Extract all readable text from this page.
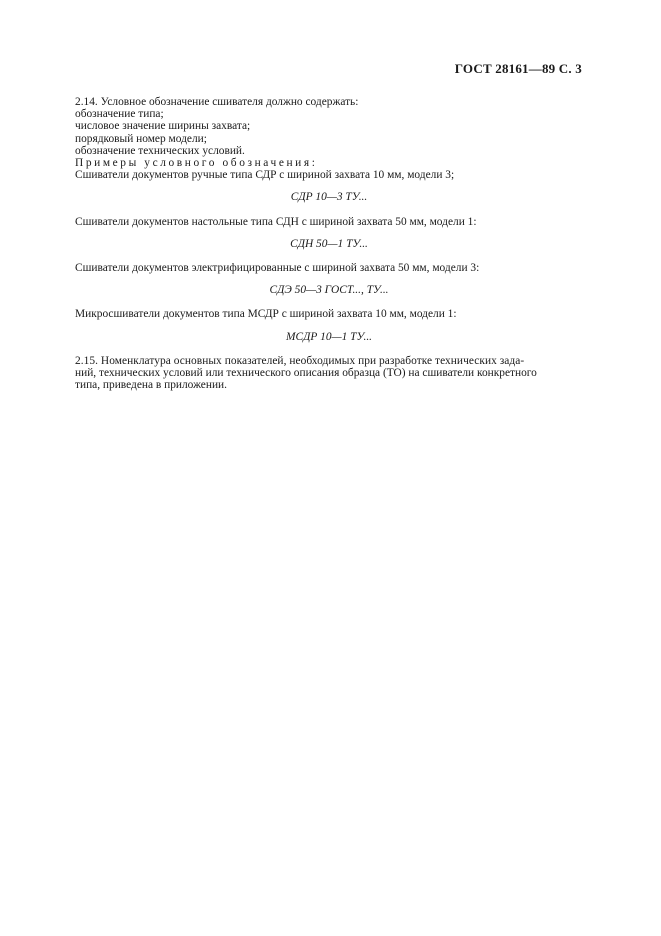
ГОСТ 28161—89 С. 3
2.14. Условное обозначение сшивателя должно содержать:
обозначение типа;
числовое значение ширины захвата;
порядковый номер модели;
обозначение технических условий.
Примеры условного обозначения:
Сшиватели документов ручные типа СДР с шириной захвата 10 мм, модели 3;
СДР 10—3 ТУ...
Сшиватели документов настольные типа СДН с шириной захвата 50 мм, модели 1:
СДН 50—1 ТУ...
Сшиватели документов электрифицированные с шириной захвата 50 мм, модели 3:
СДЭ 50—3 ГОСТ..., ТУ...
Микросшиватели документов типа МСДР с шириной захвата 10 мм, модели 1:
МСДР 10—1 ТУ...
2.15. Номенклатура основных показателей, необходимых при разработке технических зада-
ний, технических условий или технического описания образца (ТО) на сшиватели конкретного
типа, приведена в приложении.
